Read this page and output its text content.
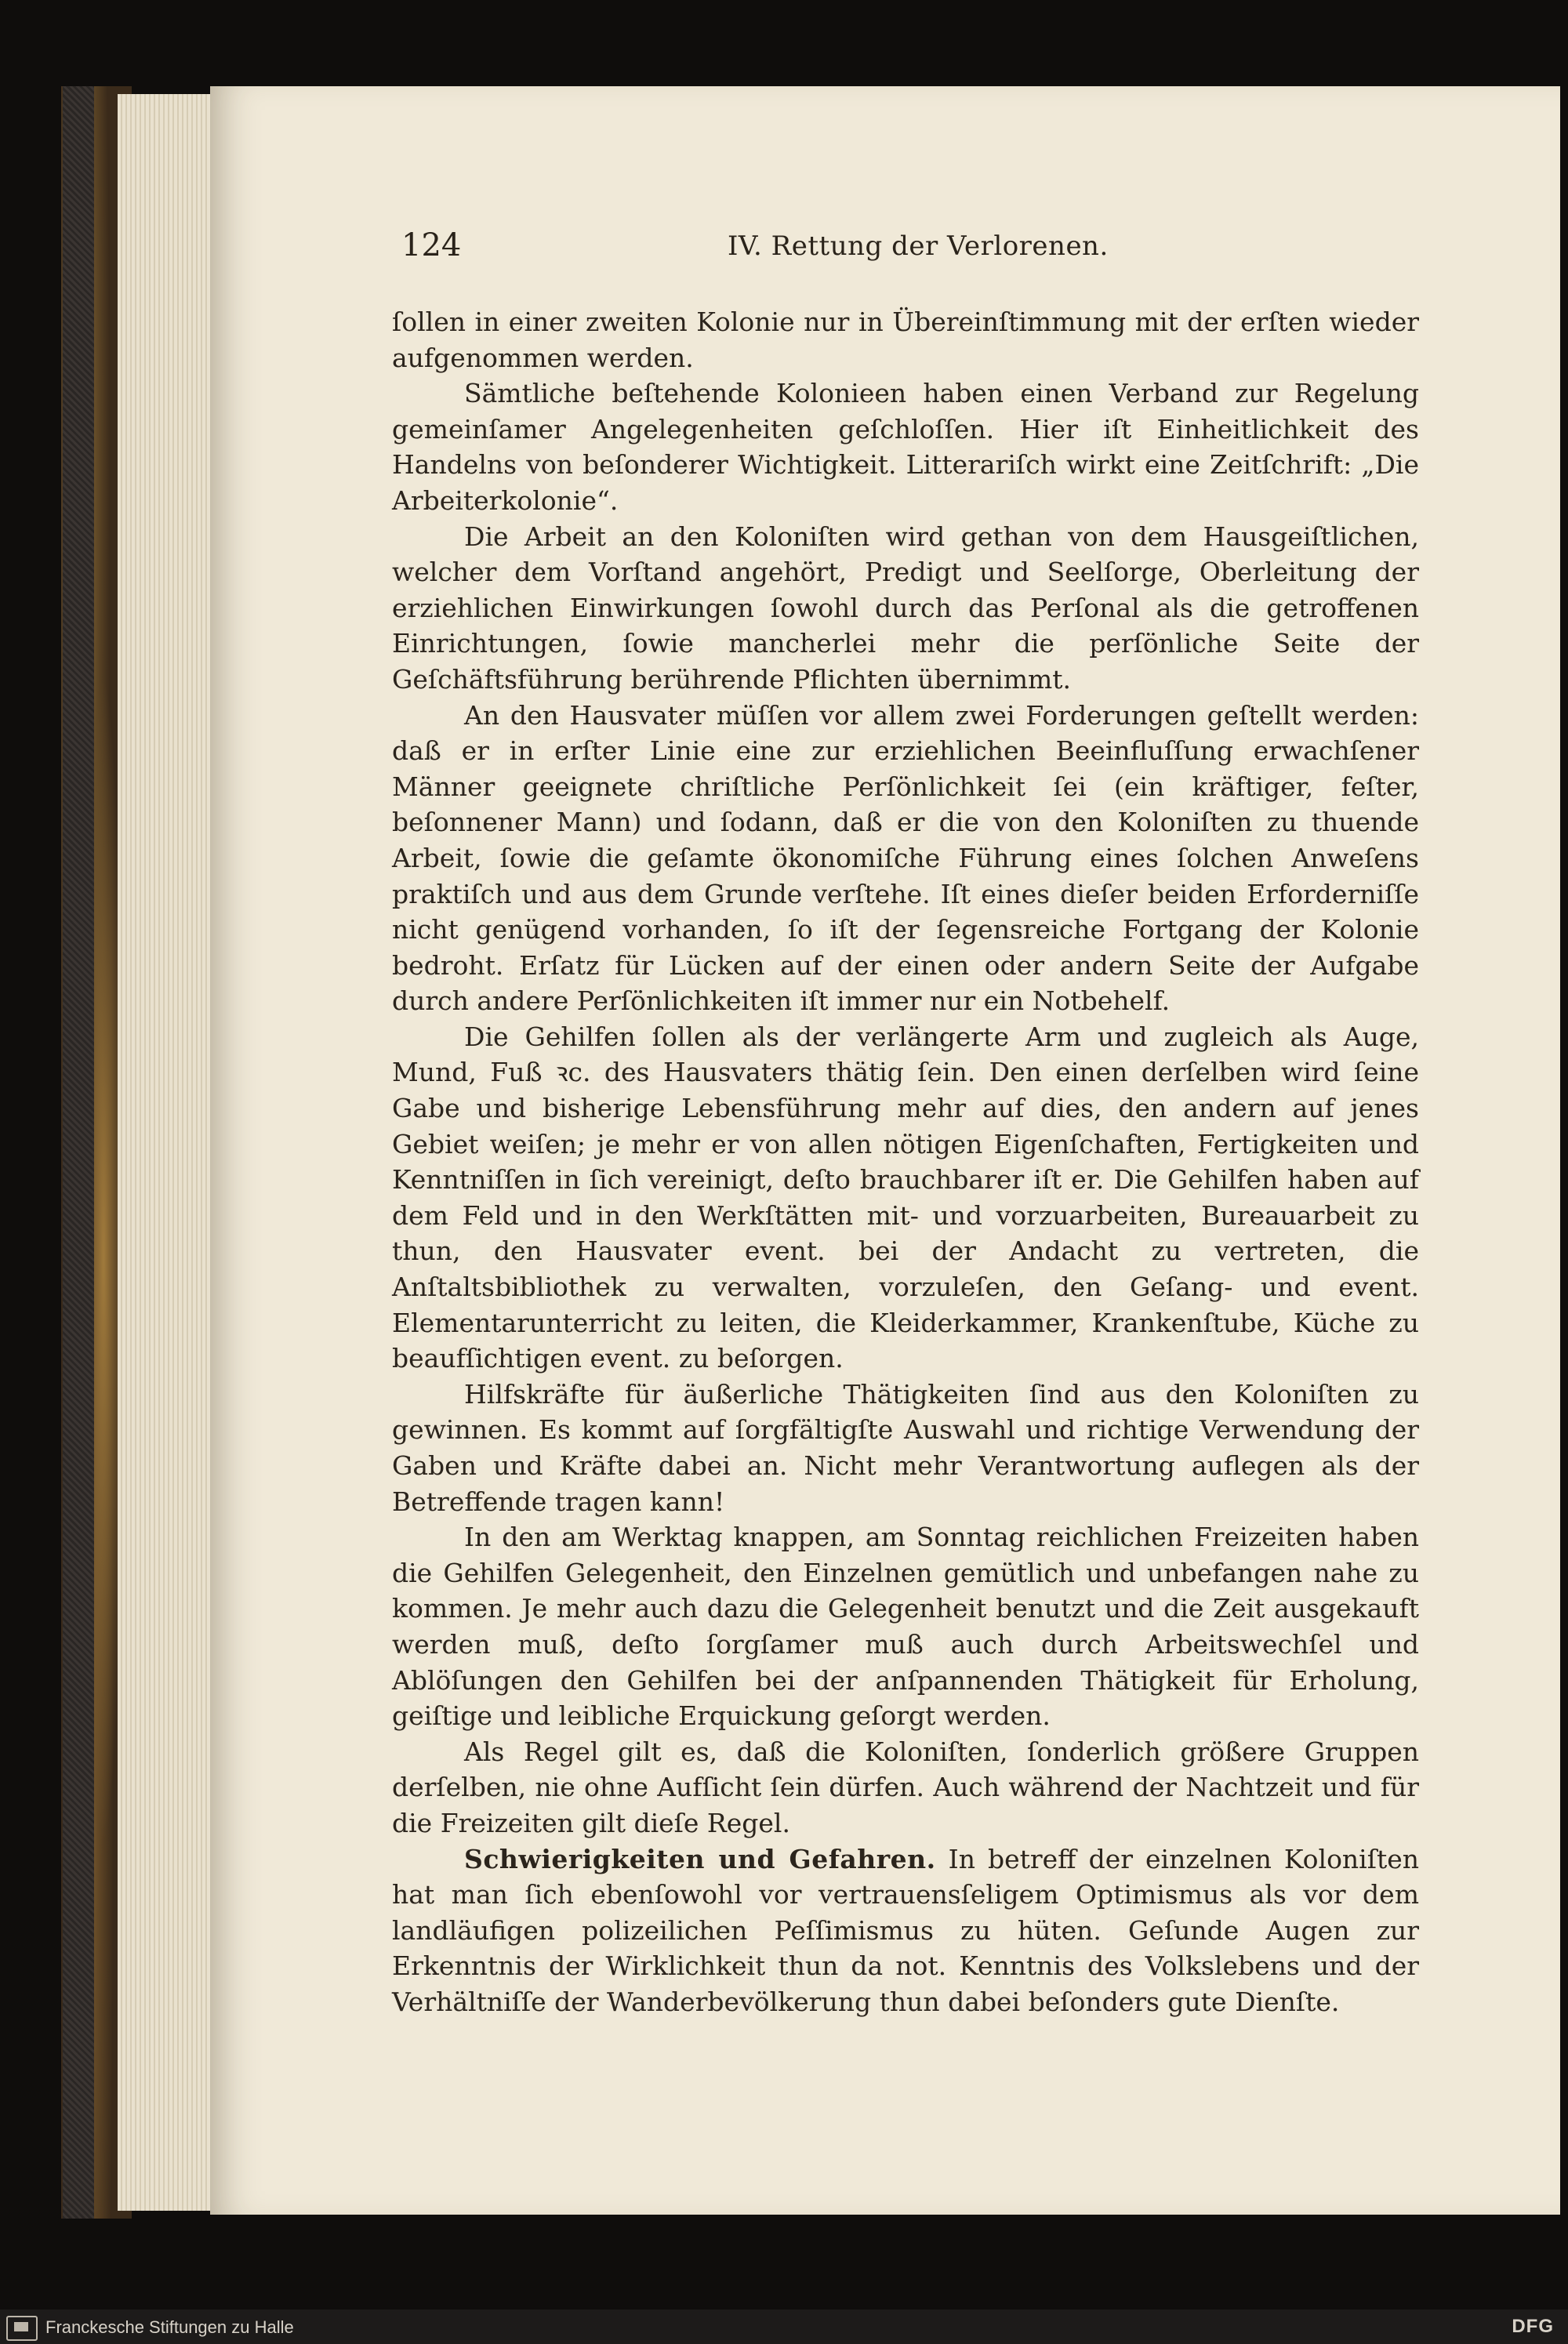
124	IV. Rettung der Verlorenen.

ſollen in einer zweiten Kolonie nur in Übereinſtimmung mit der erſten wieder aufgenommen werden.

Sämtliche beſtehende Kolonieen haben einen Verband zur Regelung gemeinſamer Angelegenheiten geſchloſſen. Hier iſt Einheitlichkeit des Handelns von beſonderer Wichtigkeit. Litterariſch wirkt eine Zeitſchrift: „Die Arbeiterkolonie“.

Die Arbeit an den Koloniſten wird gethan von dem Hausgeiſtlichen, welcher dem Vorſtand angehört, Predigt und Seelſorge, Oberleitung der erziehlichen Einwirkungen ſowohl durch das Perſonal als die getroffenen Einrichtungen, ſowie mancherlei mehr die perſönliche Seite der Geſchäftsführung berührende Pflichten übernimmt.

An den Hausvater müſſen vor allem zwei Forderungen geſtellt werden: daß er in erſter Linie eine zur erziehlichen Beeinfluſſung erwachſener Männer geeignete chriſtliche Perſönlichkeit ſei (ein kräftiger, feſter, beſonnener Mann) und ſodann, daß er die von den Koloniſten zu thuende Arbeit, ſowie die geſamte ökonomiſche Führung eines ſolchen Anweſens praktiſch und aus dem Grunde verſtehe. Iſt eines dieſer beiden Erforderniſſe nicht genügend vorhanden, ſo iſt der ſegensreiche Fortgang der Kolonie bedroht. Erſatz für Lücken auf der einen oder andern Seite der Aufgabe durch andere Perſönlichkeiten iſt immer nur ein Notbehelf.

Die Gehilfen ſollen als der verlängerte Arm und zugleich als Auge, Mund, Fuß ꝛc. des Hausvaters thätig ſein. Den einen derſelben wird ſeine Gabe und bisherige Lebensführung mehr auf dies, den andern auf jenes Gebiet weiſen; je mehr er von allen nötigen Eigenſchaften, Fertigkeiten und Kenntniſſen in ſich vereinigt, deſto brauchbarer iſt er. Die Gehilfen haben auf dem Feld und in den Werkſtätten mit- und vorzuarbeiten, Bureauarbeit zu thun, den Hausvater event. bei der Andacht zu vertreten, die Anſtaltsbibliothek zu verwalten, vorzuleſen, den Geſang- und event. Elementarunterricht zu leiten, die Kleiderkammer, Krankenſtube, Küche zu beaufſichtigen event. zu beſorgen.

Hilfskräfte für äußerliche Thätigkeiten ſind aus den Koloniſten zu gewinnen. Es kommt auf ſorgfältigſte Auswahl und richtige Verwendung der Gaben und Kräfte dabei an. Nicht mehr Verantwortung auflegen als der Betreffende tragen kann!

In den am Werktag knappen, am Sonntag reichlichen Freizeiten haben die Gehilfen Gelegenheit, den Einzelnen gemütlich und unbefangen nahe zu kommen. Je mehr auch dazu die Gelegenheit benutzt und die Zeit ausgekauft werden muß, deſto ſorgſamer muß auch durch Arbeitswechſel und Ablöſungen den Gehilfen bei der anſpannenden Thätigkeit für Erholung, geiſtige und leibliche Erquickung geſorgt werden.

Als Regel gilt es, daß die Koloniſten, ſonderlich größere Gruppen derſelben, nie ohne Aufſicht ſein dürfen. Auch während der Nachtzeit und für die Freizeiten gilt dieſe Regel.

Schwierigkeiten und Gefahren. In betreff der einzelnen Koloniſten hat man ſich ebenſowohl vor vertrauensſeligem Optimismus als vor dem landläufigen polizeilichen Peſſimismus zu hüten. Geſunde Augen zur Erkenntnis der Wirklichkeit thun da not. Kenntnis des Volkslebens und der Verhältniſſe der Wanderbevölkerung thun dabei beſonders gute Dienſte.

Franckesche Stiftungen zu Halle	DFG
